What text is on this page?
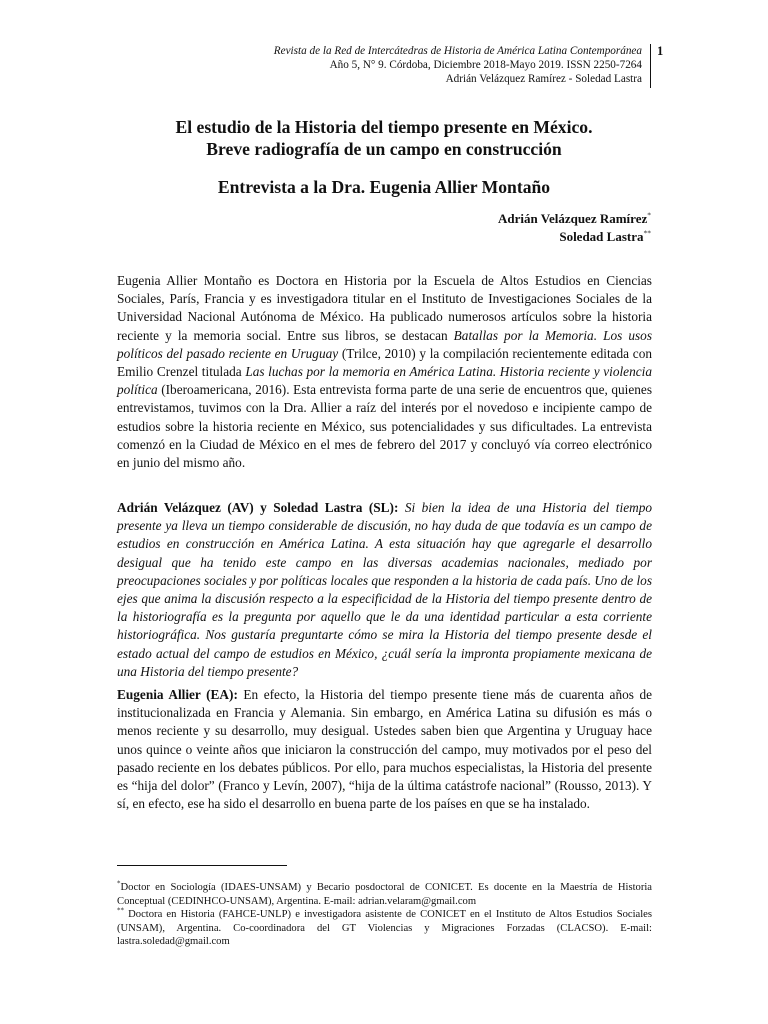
Revista de la Red de Intercátedras de Historia de América Latina Contemporánea
Año 5, N° 9. Córdoba, Diciembre 2018-Mayo 2019. ISSN 2250-7264
Adrián Velázquez Ramírez - Soledad Lastra
1
El estudio de la Historia del tiempo presente en México.
Breve radiografía de un campo en construcción
Entrevista a la Dra. Eugenia Allier Montaño
Adrián Velázquez Ramírez*
Soledad Lastra**

Eugenia Allier Montaño es Doctora en Historia por la Escuela de Altos Estudios en Ciencias Sociales, París, Francia y es investigadora titular en el Instituto de Investigaciones Sociales de la Universidad Nacional Autónoma de México. Ha publicado numerosos artículos sobre la historia reciente y la memoria social. Entre sus libros, se destacan Batallas por la Memoria. Los usos políticos del pasado reciente en Uruguay (Trilce, 2010) y la compilación recientemente editada con Emilio Crenzel titulada Las luchas por la memoria en América Latina. Historia reciente y violencia política (Iberoamericana, 2016). Esta entrevista forma parte de una serie de encuentros que, quienes entrevistamos, tuvimos con la Dra. Allier a raíz del interés por el novedoso e incipiente campo de estudios sobre la historia reciente en México, sus potencialidades y sus dificultades. La entrevista comenzó en la Ciudad de México en el mes de febrero del 2017 y concluyó vía correo electrónico en junio del mismo año.

Adrián Velázquez (AV) y Soledad Lastra (SL): Si bien la idea de una Historia del tiempo presente ya lleva un tiempo considerable de discusión, no hay duda de que todavía es un campo de estudios en construcción en América Latina. A esta situación hay que agregarle el desarrollo desigual que ha tenido este campo en las diversas academias nacionales, mediado por preocupaciones sociales y por políticas locales que responden a la historia de cada país. Uno de los ejes que anima la discusión respecto a la especificidad de la Historia del tiempo presente dentro de la historiografía es la pregunta por aquello que le da una identidad particular a esta corriente historiográfica. Nos gustaría preguntarte cómo se mira la Historia del tiempo presente desde el estado actual del campo de estudios en México, ¿cuál sería la impronta propiamente mexicana de una Historia del tiempo presente?

Eugenia Allier (EA): En efecto, la Historia del tiempo presente tiene más de cuarenta años de institucionalizada en Francia y Alemania. Sin embargo, en América Latina su difusión es más o menos reciente y su desarrollo, muy desigual. Ustedes saben bien que Argentina y Uruguay hace unos quince o veinte años que iniciaron la construcción del campo, muy motivados por el peso del pasado reciente en los debates públicos. Por ello, para muchos especialistas, la Historia del presente es “hija del dolor” (Franco y Levín, 2007), “hija de la última catástrofe nacional” (Rousso, 2013). Y sí, en efecto, ese ha sido el desarrollo en buena parte de los países en que se ha instalado.

*Doctor en Sociología (IDAES-UNSAM) y Becario posdoctoral de CONICET. Es docente en la Maestría de Historia Conceptual (CEDINHCO-UNSAM), Argentina. E-mail: adrian.velaram@gmail.com

** Doctora en Historia (FAHCE-UNLP) e investigadora asistente de CONICET en el Instituto de Altos Estudios Sociales (UNSAM), Argentina. Co-coordinadora del GT Violencias y Migraciones Forzadas (CLACSO). E-mail: lastra.soledad@gmail.com
